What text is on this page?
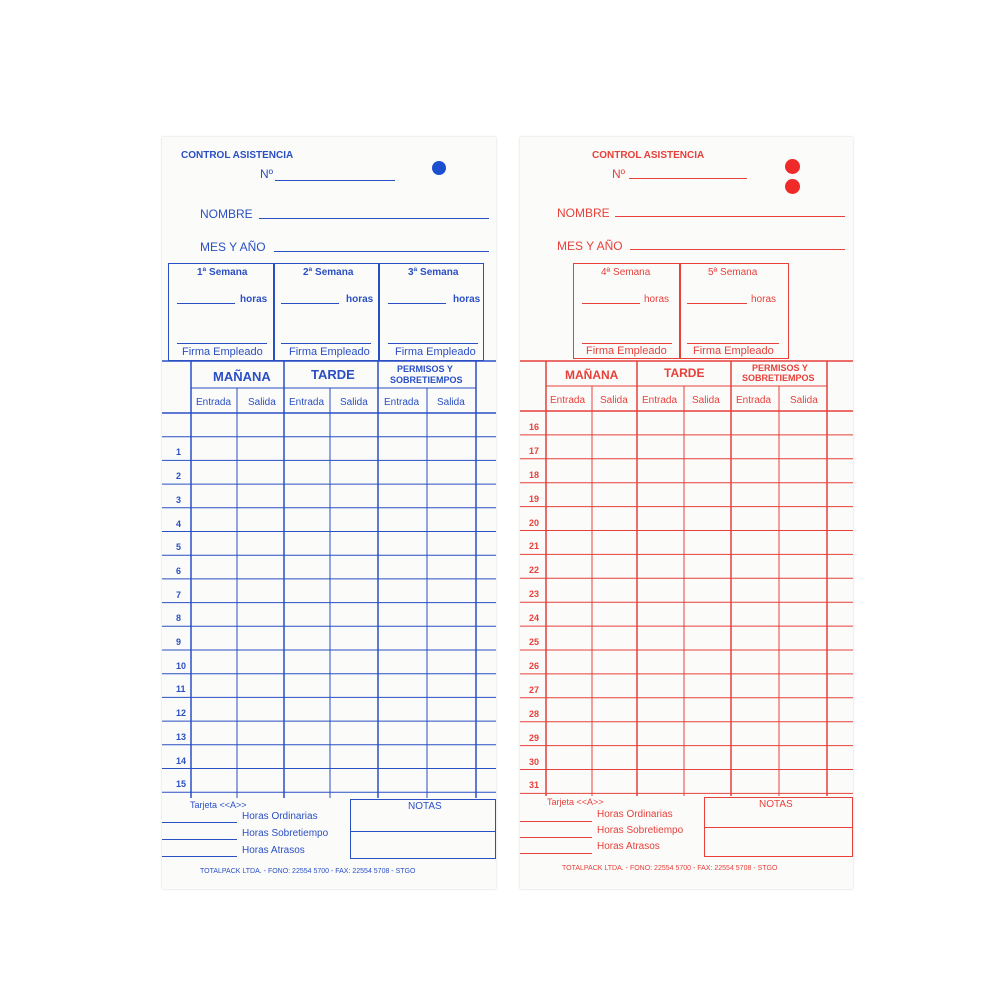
CONTROL ASISTENCIA
Nº
NOMBRE
MES Y AÑO
1ª Semana
horas
Firma Empleado
2ª Semana
horas
Firma Empleado
3ª Semana
horas
Firma Empleado
MAÑANA	TARDE	PERMISOS Y
SOBRETIEMPOS
Entrada Salida Entrada Salida Entrada Salida
1
2
3
4
5
6
7
8
9
10
11
12
13
14
15
Tarjeta <<A>>	NOTAS
Horas Ordinarias
Horas Sobretiempo
Horas Atrasos
TOTALPACK LTDA. - FONO: 22554 5700 - FAX: 22554 5708 - STGO
CONTROL ASISTENCIA
Nº
NOMBRE
MES Y AÑO
4ª Semana
horas
Firma Empleado
5ª Semana
horas
Firma Empleado
MAÑANA	TARDE	PERMISOS Y
SOBRETIEMPOS
Entrada Salida Entrada Salida Entrada Salida
16
17
18
19
20
21
22
23
24
25
26
27
28
29
30
31
Tarjeta <<A>>	NOTAS
Horas Ordinarias
Horas Sobretiempo
Horas Atrasos
TOTALPACK LTDA. - FONO: 22554 5700 - FAX: 22554 5708 - STGO
